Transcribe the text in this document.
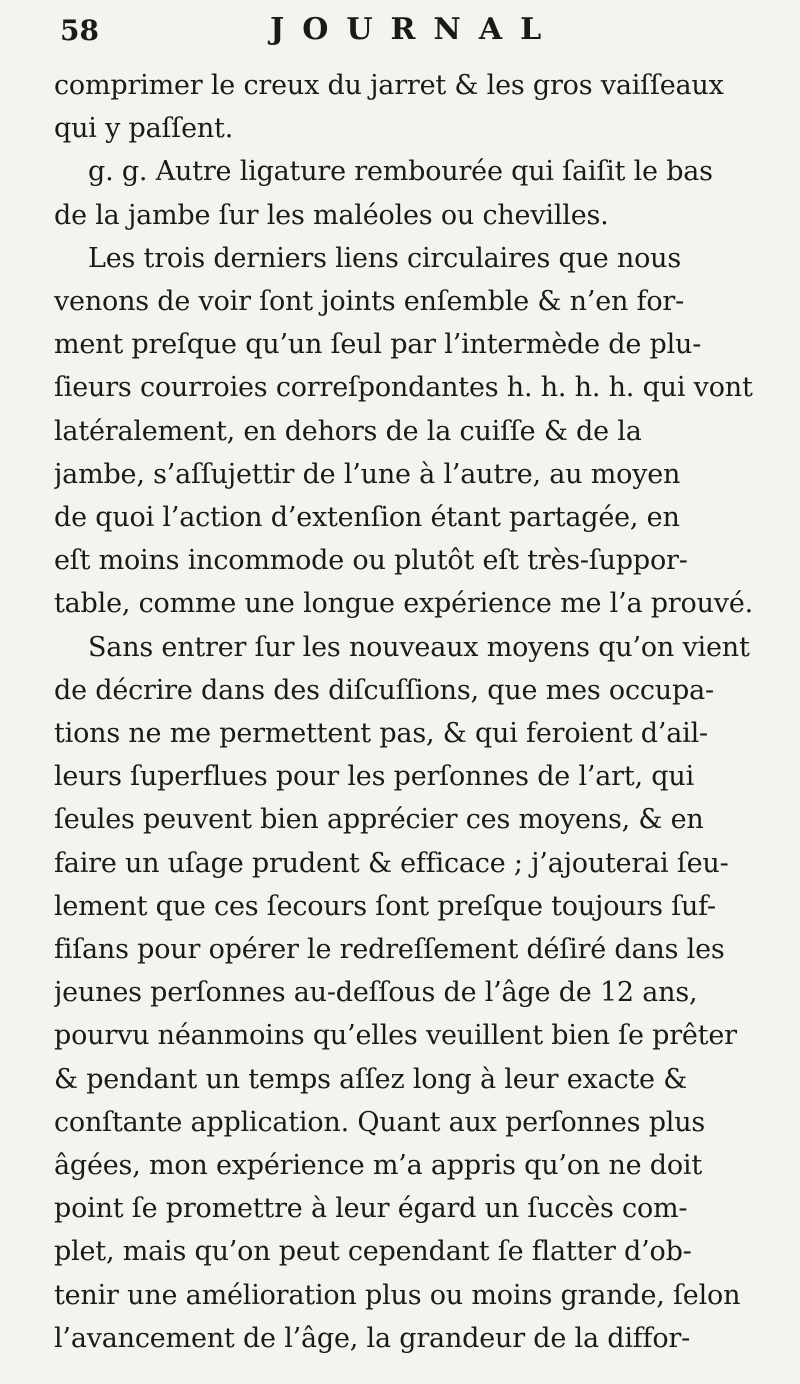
58	JOURNAL
comprimer le creux du jarret & les gros vaiſſeaux
qui y paſſent.
g. g. Autre ligature rembourée qui ſaiſit le bas
de la jambe ſur les maléoles ou chevilles.
Les trois derniers liens circulaires que nous
venons de voir ſont joints enſemble & n’en for-
ment preſque qu’un ſeul par l’intermède de plu-
ſieurs courroies correſpondantes h. h. h. h. qui vont
latéralement, en dehors de la cuiſſe & de la
jambe, s’aſſujettir de l’une à l’autre, au moyen
de quoi l’action d’extenſion étant partagée, en
eſt moins incommode ou plutôt eſt très-ſuppor-
table, comme une longue expérience me l’a prouvé.
Sans entrer ſur les nouveaux moyens qu’on vient
de décrire dans des diſcuſſions, que mes occupa-
tions ne me permettent pas, & qui feroient d’ail-
leurs ſuperflues pour les perſonnes de l’art, qui
ſeules peuvent bien apprécier ces moyens, & en
faire un uſage prudent & efficace ; j’ajouterai ſeu-
lement que ces ſecours ſont preſque toujours ſuf-
fiſans pour opérer le redreſſement déſiré dans les
jeunes perſonnes au-deſſous de l’âge de 12 ans,
pourvu néanmoins qu’elles veuillent bien ſe prêter
& pendant un temps aſſez long à leur exacte &
conſtante application. Quant aux perſonnes plus
âgées, mon expérience m’a appris qu’on ne doit
point ſe promettre à leur égard un ſuccès com-
plet, mais qu’on peut cependant ſe flatter d’ob-
tenir une amélioration plus ou moins grande, ſelon
l’avancement de l’âge, la grandeur de la diffor-
